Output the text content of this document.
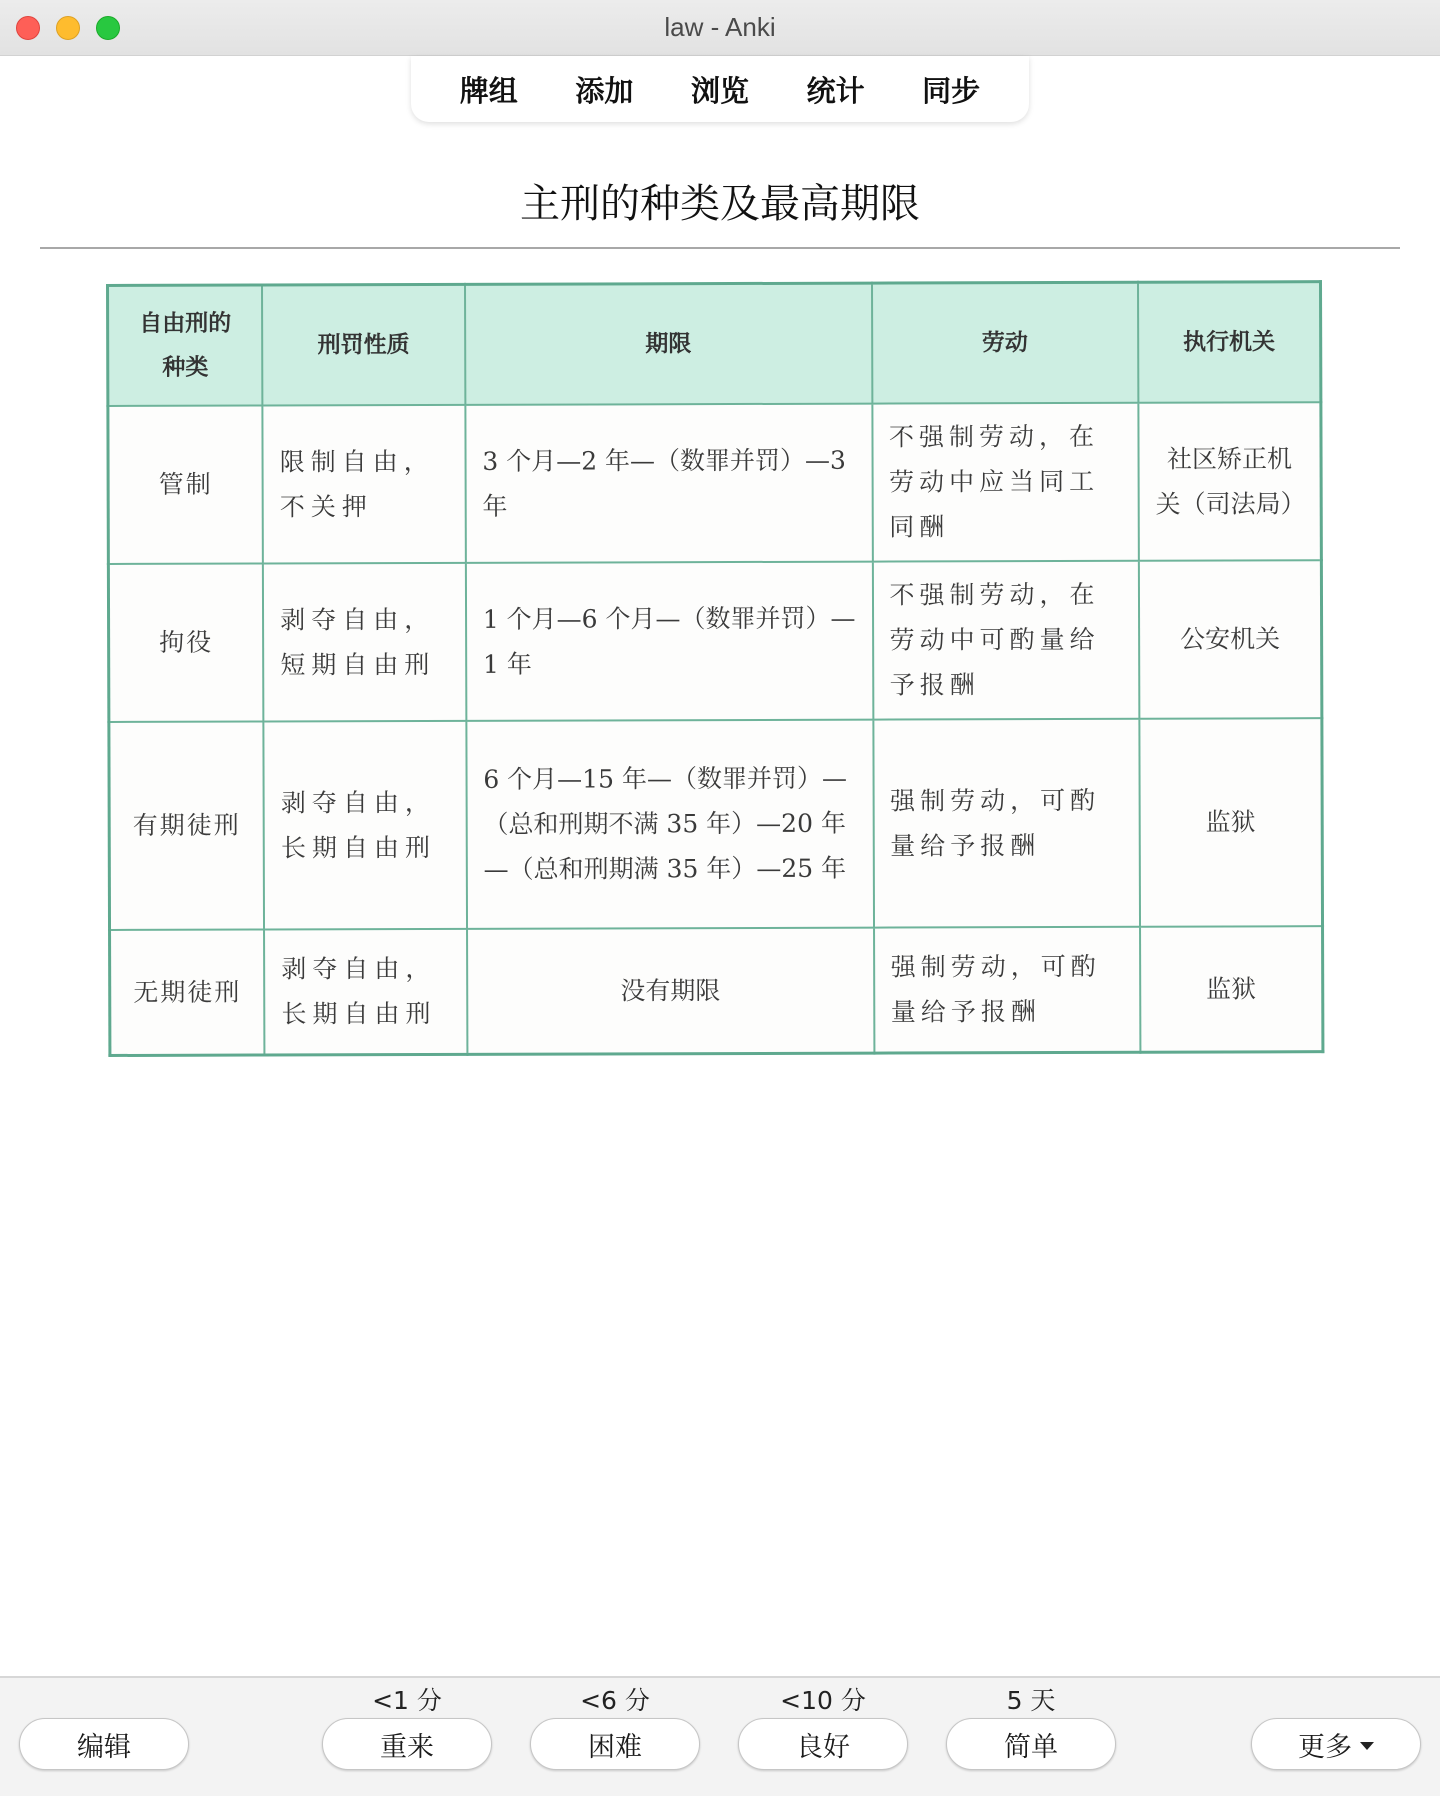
law - Anki
牌组	添加	浏览	统计	同步
主刑的种类及最高期限
自由刑的种类	刑罚性质	期限	劳动	执行机关
管制	限制自由，不关押	3 个月—2 年—（数罪并罚）—3 年	不强制劳动，在劳动中应当同工同酬	社区矫正机关（司法局）
拘役	剥夺自由，短期自由刑	1 个月—6 个月—（数罪并罚）—1 年	不强制劳动，在劳动中可酌量给予报酬	公安机关
有期徒刑	剥夺自由，长期自由刑	6 个月—15 年—（数罪并罚）—（总和刑期不满 35 年）—20 年—（总和刑期满 35 年）—25 年	强制劳动，可酌量给予报酬	监狱
无期徒刑	剥夺自由，长期自由刑	没有期限	强制劳动，可酌量给予报酬	监狱
编辑
<1 分
重来
<6 分
困难
<10 分
良好
5 天
简单	更多
